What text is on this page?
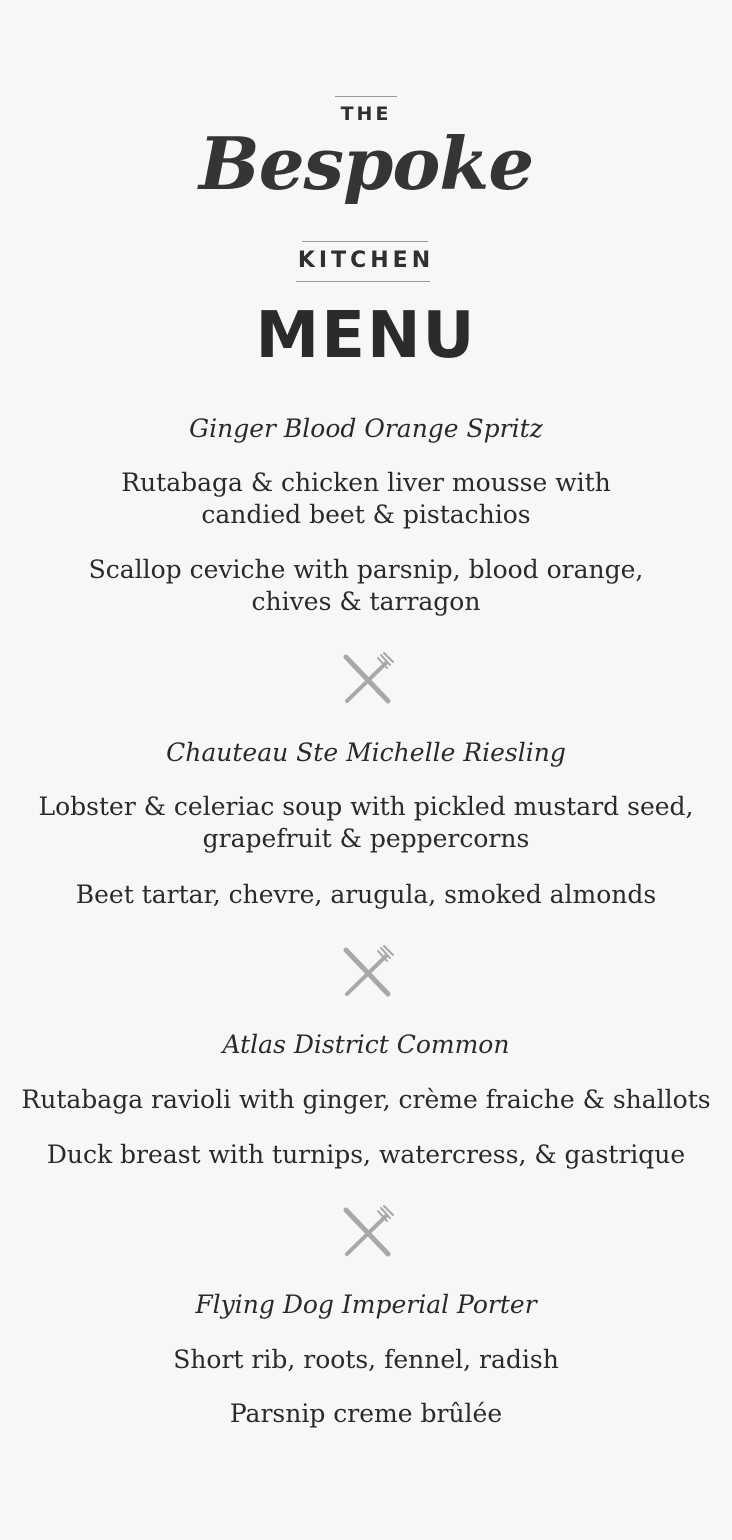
THE
Bespoke
KITCHEN
MENU
Ginger Blood Orange Spritz
Rutabaga & chicken liver mousse with
candied beet & pistachios
Scallop ceviche with parsnip, blood orange,
chives & tarragon
Chauteau Ste Michelle Riesling
Lobster & celeriac soup with pickled mustard seed,
grapefruit & peppercorns
Beet tartar, chevre, arugula, smoked almonds
Atlas District Common
Rutabaga ravioli with ginger, crème fraiche & shallots
Duck breast with turnips, watercress, & gastrique
Flying Dog Imperial Porter
Short rib, roots, fennel, radish
Parsnip creme brûlée
